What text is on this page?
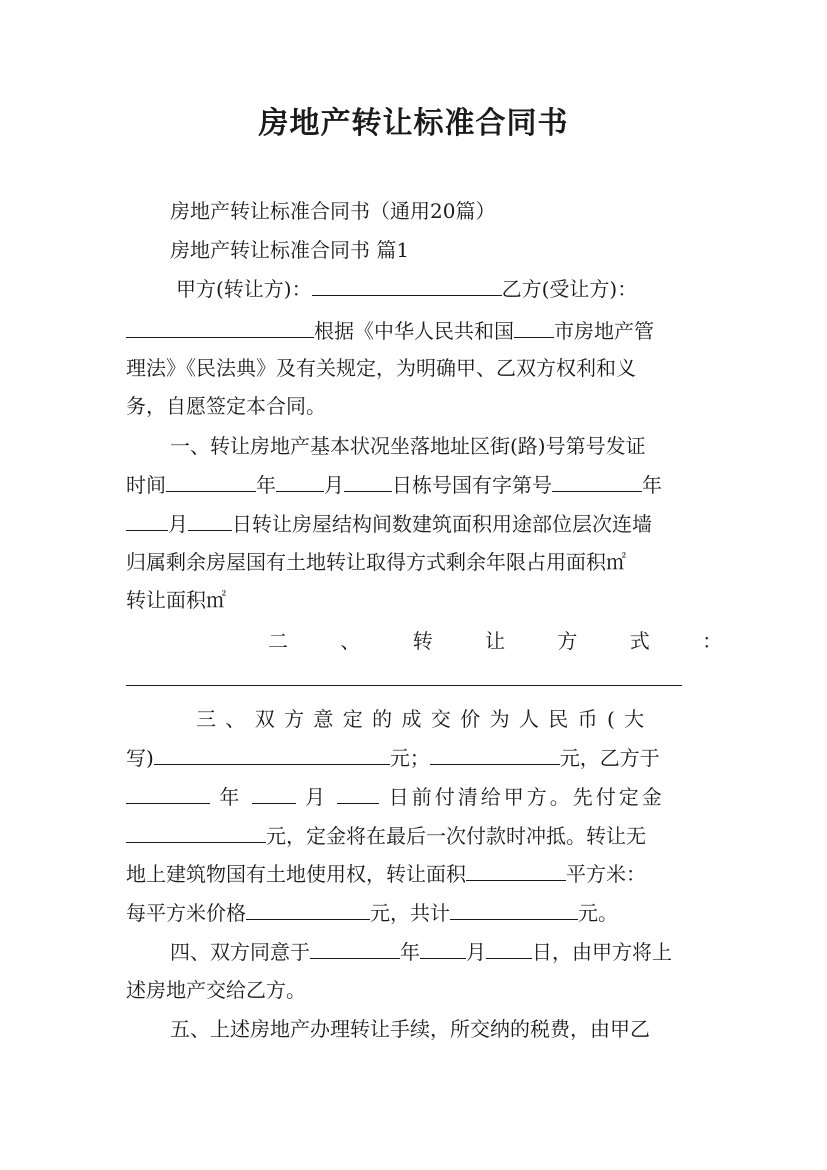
房地产转让标准合同书
房地产转让标准合同书（通用20篇）
房地产转让标准合同书 篇1
甲方(转让方)：	乙方(受让方)：
根据《中华人民共和国 市房地产管
理法》《民法典》及有关规定，为明确甲、乙双方权利和义
务，自愿签定本合同。
一、转让房地产基本状况坐落地址区街(路)号第号发证
时间	年 月 日栋号国有字第号	年
月 日转让房屋结构间数建筑面积用途部位层次连墙
归属剩余房屋国有土地转让取得方式剩余年限占用面积㎡
转让面积㎡
二 、 转 让 方 式 ：
三 、 双 方 意 定 的 成 交 价 为 人 民 币 ( 大
写)	元；	元，乙方于
年	月	日前付清给甲方。先付定金
元，定金将在最后一次付款时冲抵。转让无
地上建筑物国有土地使用权，转让面积	平方米：
每平方米价格	元，共计	元。
四、双方同意于	年 月 日，由甲方将上
述房地产交给乙方。
五、上述房地产办理转让手续，所交纳的税费，由甲乙
